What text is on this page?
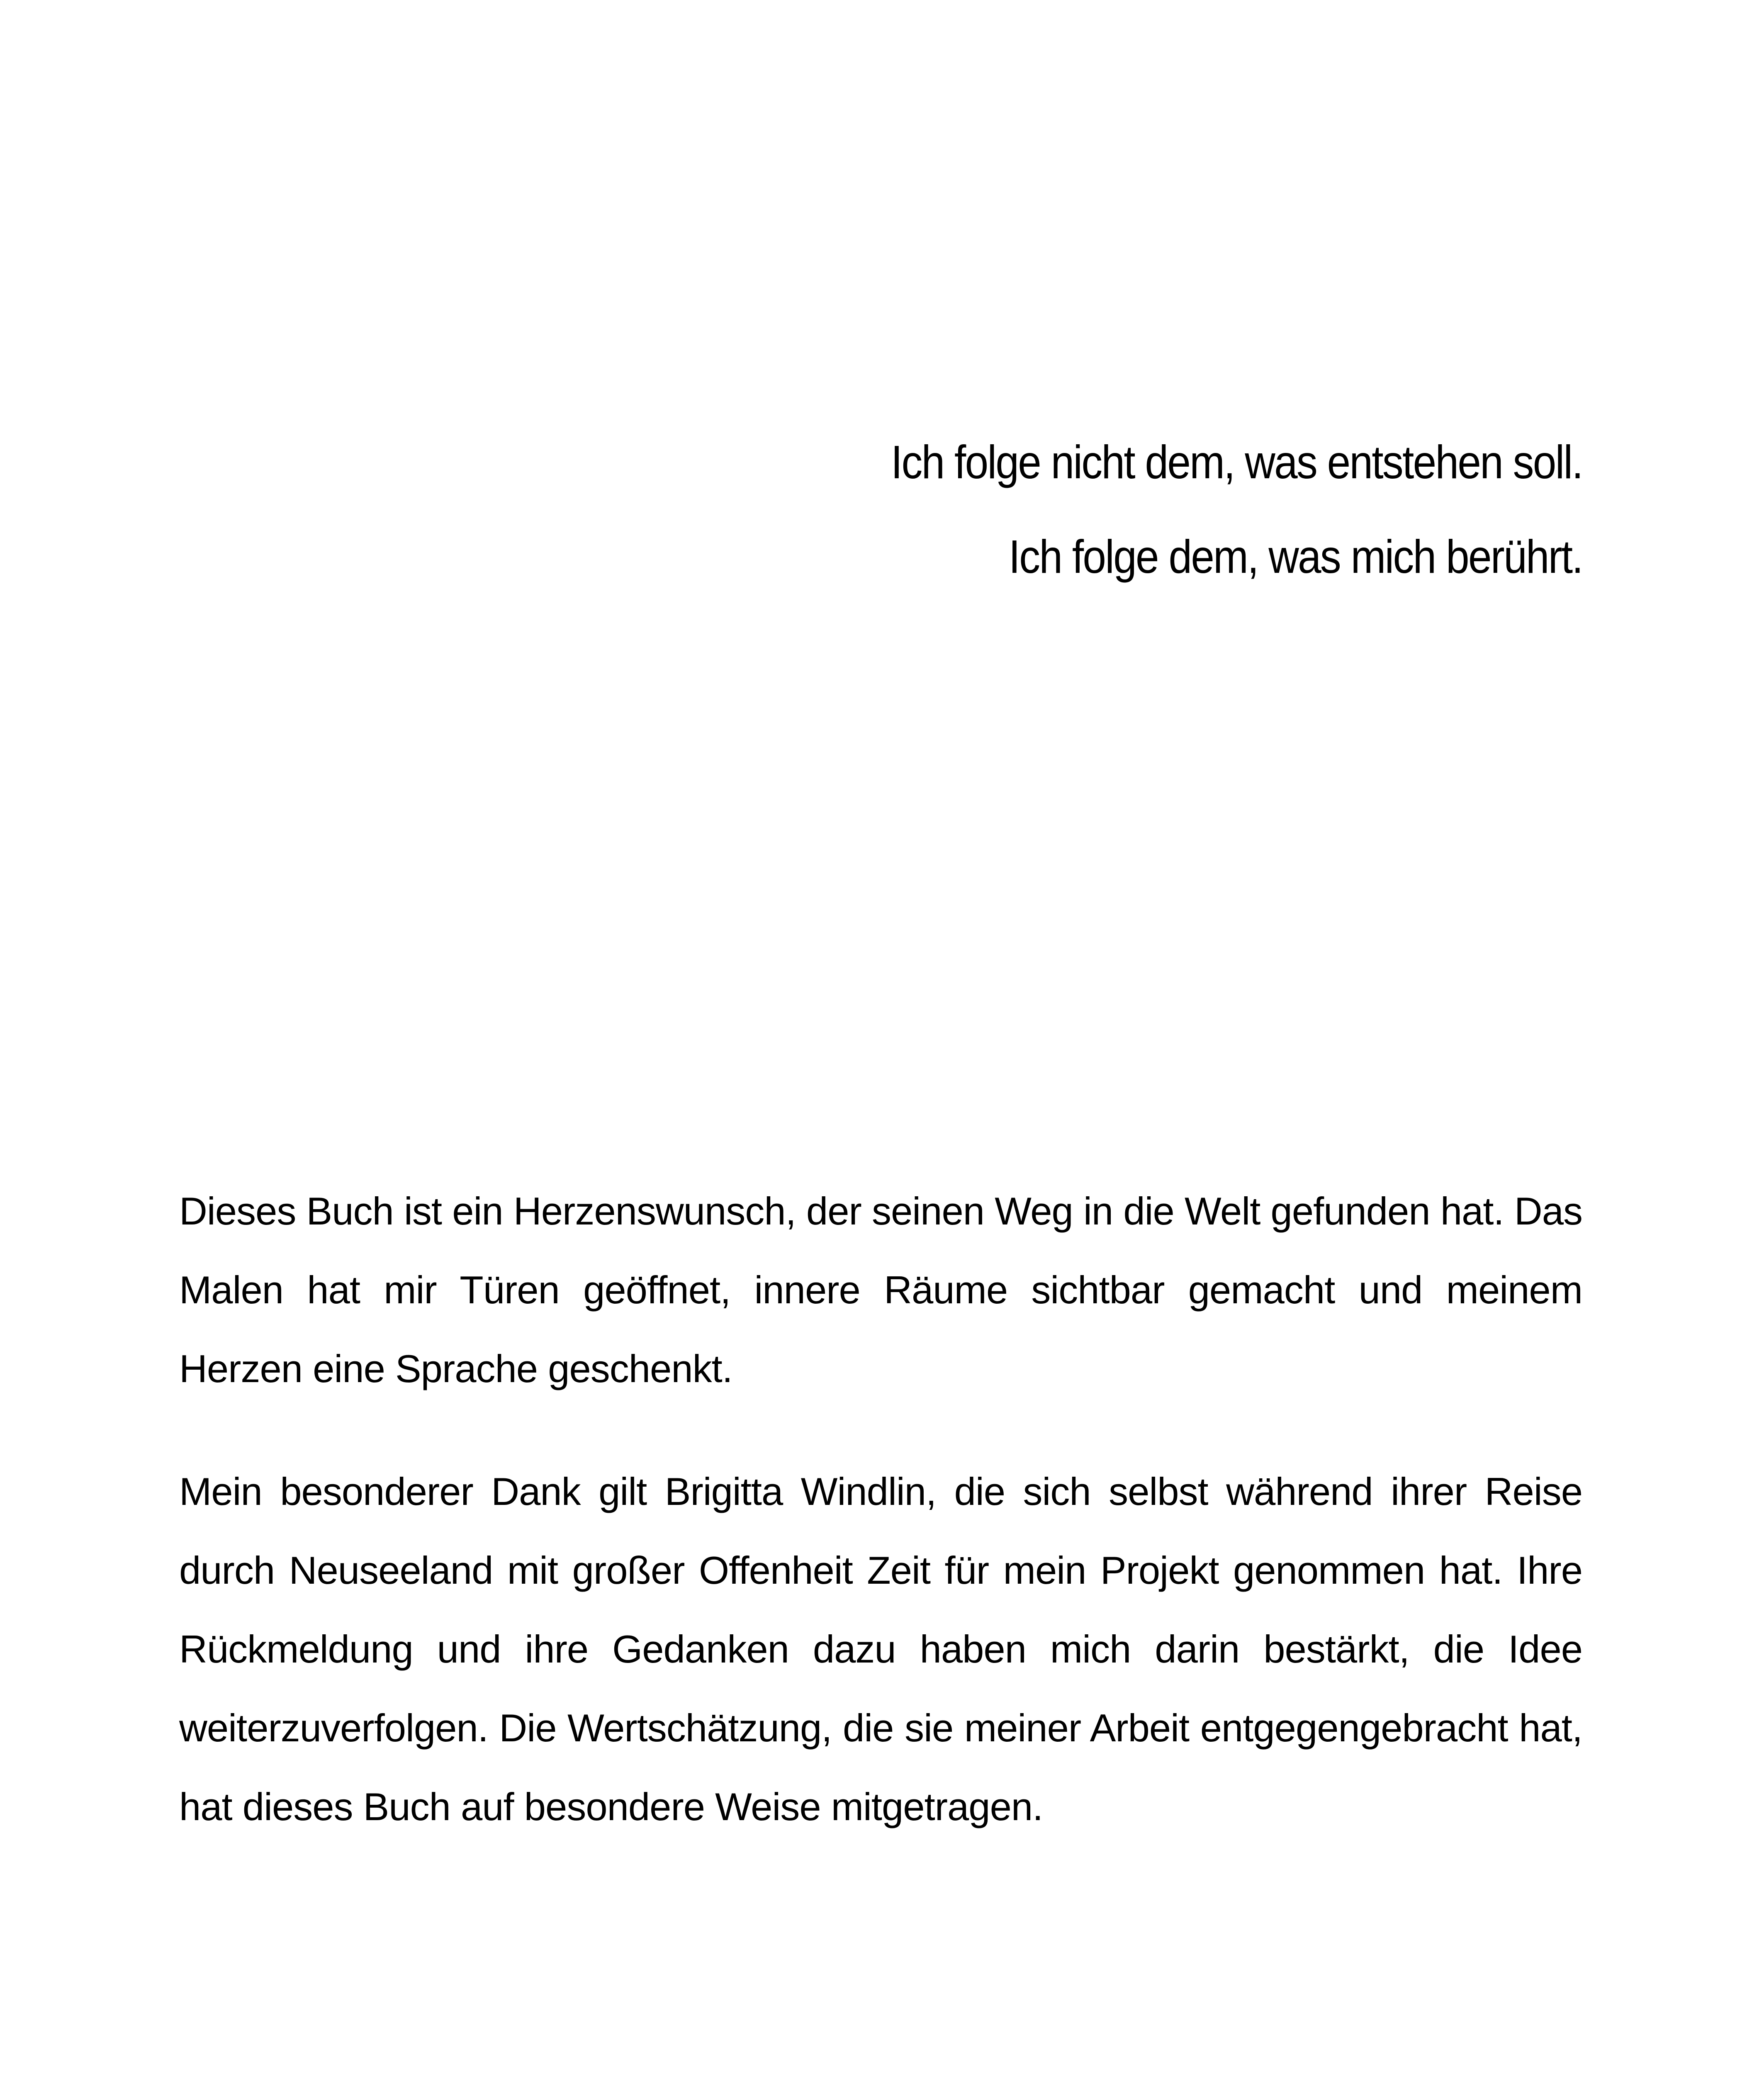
Ich folge nicht dem, was entstehen soll.
Ich folge dem, was mich berührt.

Dieses Buch ist ein Herzenswunsch, der seinen Weg in die Welt gefunden hat. Das Malen hat mir Türen geöffnet, innere Räume sichtbar gemacht und meinem Herzen eine Sprache geschenkt.

Mein besonderer Dank gilt Brigitta Windlin, die sich selbst während ihrer Reise durch Neuseeland mit großer Offenheit Zeit für mein Projekt genommen hat. Ihre Rückmeldung und ihre Gedanken dazu haben mich darin bestärkt, die Idee weiterzuverfolgen. Die Wertschätzung, die sie meiner Arbeit entgegengebracht hat, hat dieses Buch auf besondere Weise mitgetragen.
